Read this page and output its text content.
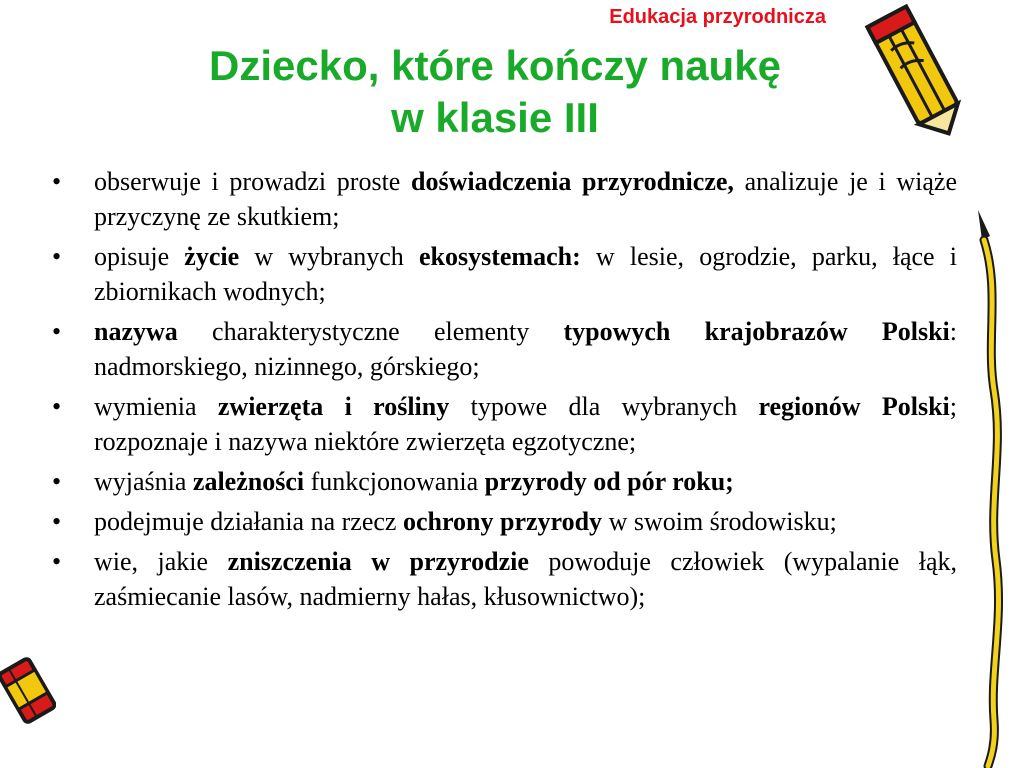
Edukacja przyrodnicza
Dziecko, które kończy naukę
w klasie III
•	obserwuje i prowadzi proste doświadczenia przyrodnicze, analizuje je i wiąże przyczynę ze skutkiem;
•	opisuje życie w wybranych ekosystemach: w lesie, ogrodzie, parku, łące i zbiornikach wodnych;
•	nazywa charakterystyczne elementy typowych krajobrazów Polski: nadmorskiego, nizinnego, górskiego;
•	wymienia zwierzęta i rośliny typowe dla wybranych regionów Polski; rozpoznaje i nazywa niektóre zwierzęta egzotyczne;
•	wyjaśnia zależności funkcjonowania przyrody od pór roku;
•	podejmuje działania na rzecz ochrony przyrody w swoim środowisku;
•	wie, jakie zniszczenia w przyrodzie powoduje człowiek (wypalanie łąk, zaśmiecanie lasów, nadmierny hałas, kłusownictwo);
